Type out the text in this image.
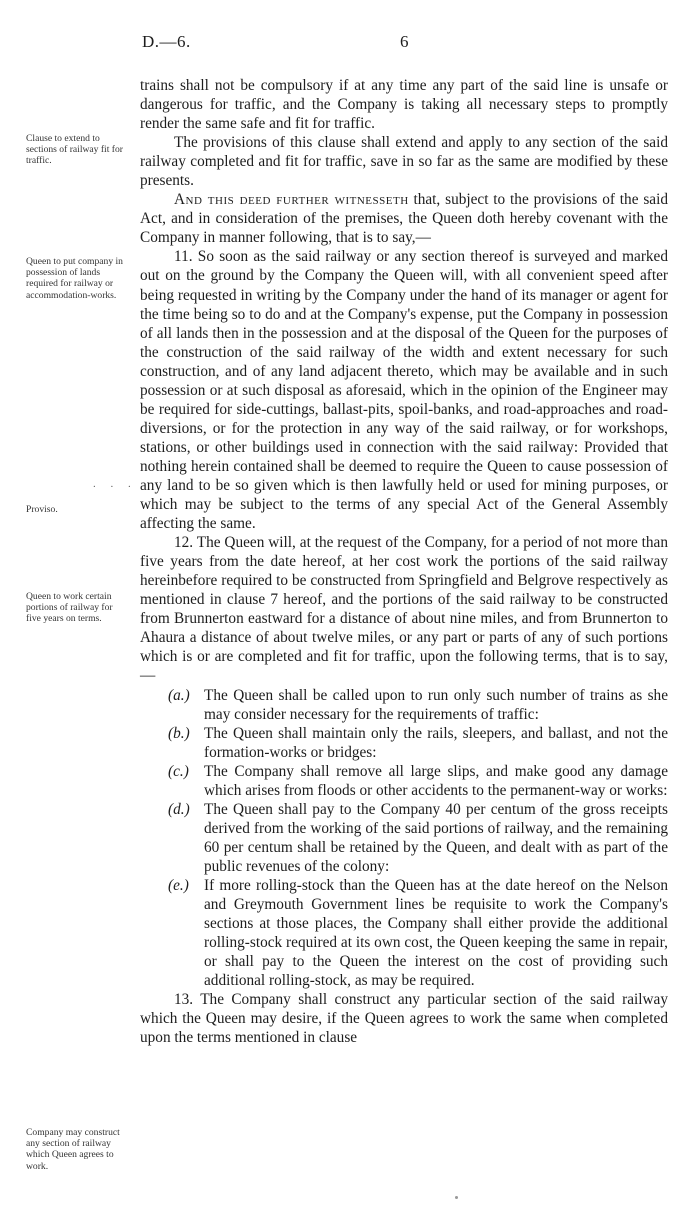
D.—6.	6
Clause to extend to sections of railway fit for traffic.
Queen to put company in possession of lands required for railway or accommodation-works.
. . .
Proviso.
Queen to work certain portions of railway for five years on terms.
Company may construct any section of railway which Queen agrees to work.

trains shall not be compulsory if at any time any part of the said line is unsafe or dangerous for traffic, and the Company is taking all necessary steps to promptly render the same safe and fit for traffic.

The provisions of this clause shall extend and apply to any section of the said railway completed and fit for traffic, save in so far as the same are modified by these presents.

And this deed further witnesseth that, subject to the provisions of the said Act, and in consideration of the premises, the Queen doth hereby covenant with the Company in manner following, that is to say,—

11. So soon as the said railway or any section thereof is surveyed and marked out on the ground by the Company the Queen will, with all convenient speed after being requested in writing by the Company under the hand of its manager or agent for the time being so to do and at the Company's expense, put the Company in possession of all lands then in the possession and at the disposal of the Queen for the purposes of the construction of the said railway of the width and extent necessary for such construction, and of any land adjacent thereto, which may be available and in such possession or at such disposal as aforesaid, which in the opinion of the Engineer may be required for side-cuttings, ballast-pits, spoil-banks, and road-approaches and road-diversions, or for the protection in any way of the said railway, or for workshops, stations, or other buildings used in connection with the said railway: Provided that nothing herein contained shall be deemed to require the Queen to cause possession of any land to be so given which is then lawfully held or used for mining purposes, or which may be subject to the terms of any special Act of the General Assembly affecting the same.

12. The Queen will, at the request of the Company, for a period of not more than five years from the date hereof, at her cost work the portions of the said railway hereinbefore required to be constructed from Springfield and Belgrove respectively as mentioned in clause 7 hereof, and the portions of the said railway to be constructed from Brunnerton eastward for a distance of about nine miles, and from Brunnerton to Ahaura a distance of about twelve miles, or any part or parts of any of such portions which is or are completed and fit for traffic, upon the following terms, that is to say,—

(a.) The Queen shall be called upon to run only such number of trains as she may consider necessary for the requirements of traffic:
(b.) The Queen shall maintain only the rails, sleepers, and ballast, and not the formation-works or bridges:
(c.) The Company shall remove all large slips, and make good any damage which arises from floods or other accidents to the permanent-way or works:
(d.) The Queen shall pay to the Company 40 per centum of the gross receipts derived from the working of the said portions of railway, and the remaining 60 per centum shall be retained by the Queen, and dealt with as part of the public revenues of the colony:
(e.) If more rolling-stock than the Queen has at the date hereof on the Nelson and Greymouth Government lines be requisite to work the Company's sections at those places, the Company shall either provide the additional rolling-stock required at its own cost, the Queen keeping the same in repair, or shall pay to the Queen the interest on the cost of providing such additional rolling-stock, as may be required.

13. The Company shall construct any particular section of the said railway which the Queen may desire, if the Queen agrees to work the same when completed upon the terms mentioned in clause
